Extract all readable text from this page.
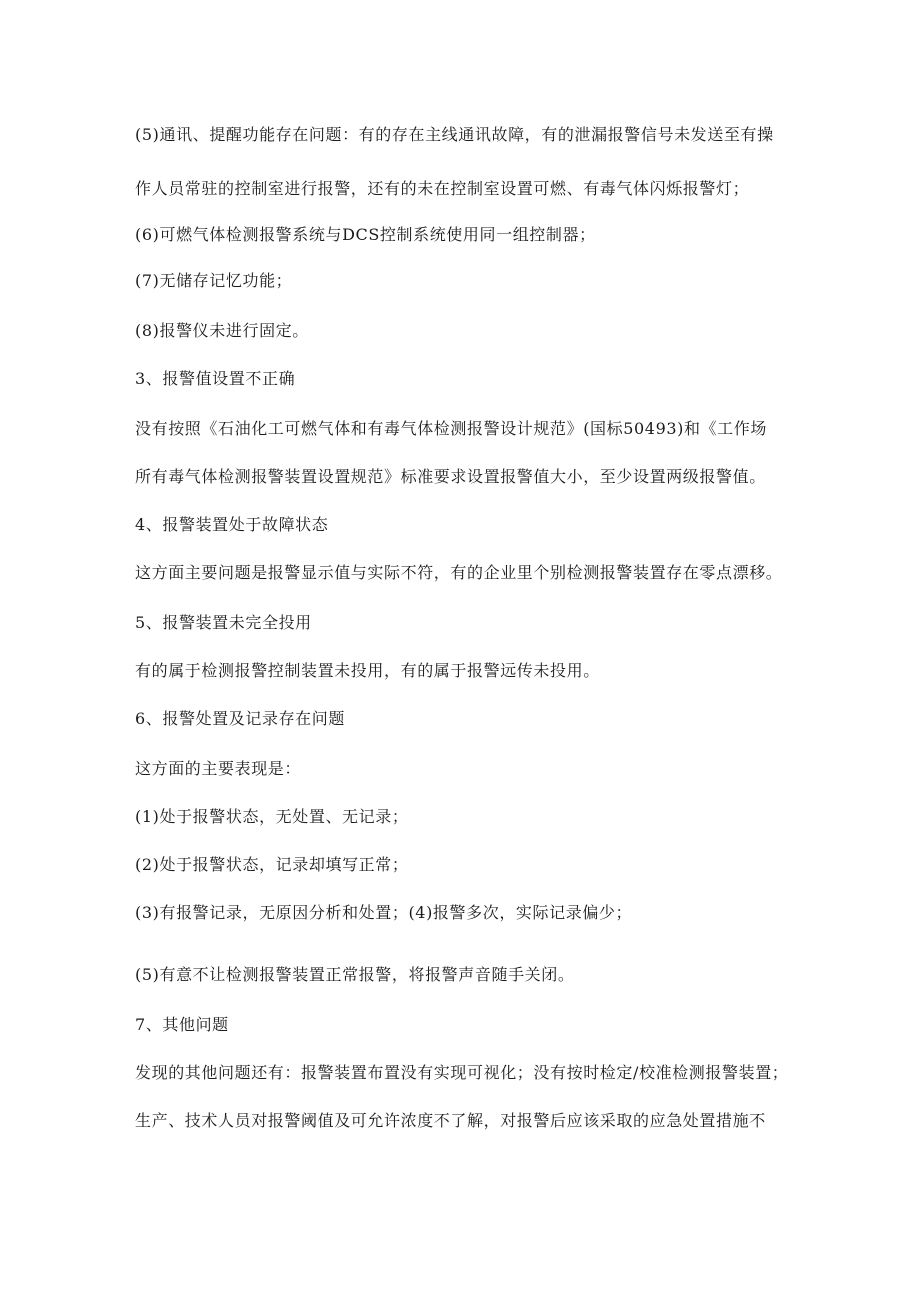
(5)通讯、提醒功能存在问题：有的存在主线通讯故障，有的泄漏报警信号未发送至有操
作人员常驻的控制室进行报警，还有的未在控制室设置可燃、有毒气体闪烁报警灯；
(6)可燃气体检测报警系统与DCS控制系统使用同一组控制器；
(7)无储存记忆功能；
(8)报警仪未进行固定。
3、报警值设置不正确
没有按照《石油化工可燃气体和有毒气体检测报警设计规范》(国标50493)和《工作场
所有毒气体检测报警装置设置规范》标准要求设置报警值大小，至少设置两级报警值。
4、报警装置处于故障状态
这方面主要问题是报警显示值与实际不符，有的企业里个别检测报警装置存在零点漂移。
5、报警装置未完全投用
有的属于检测报警控制装置未投用，有的属于报警远传未投用。
6、报警处置及记录存在问题
这方面的主要表现是：
(1)处于报警状态，无处置、无记录；
(2)处于报警状态，记录却填写正常；
(3)有报警记录，无原因分析和处置；(4)报警多次，实际记录偏少；
(5)有意不让检测报警装置正常报警，将报警声音随手关闭。
7、其他问题
发现的其他问题还有：报警装置布置没有实现可视化；没有按时检定/校准检测报警装置；
生产、技术人员对报警阈值及可允许浓度不了解，对报警后应该采取的应急处置措施不
